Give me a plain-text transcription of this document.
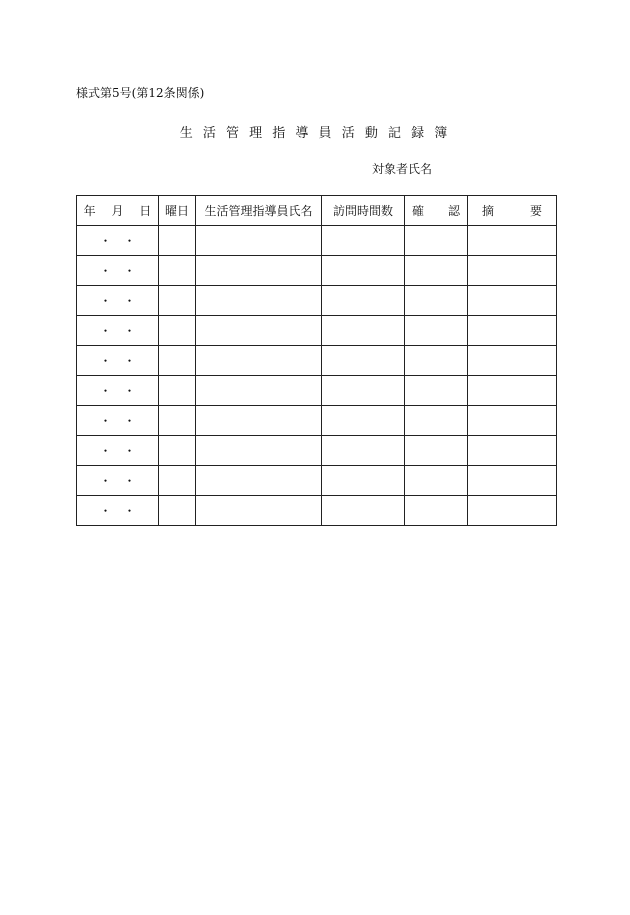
様式第5号(第12条関係)
生 活 管 理 指 導 員 活 動 記 録 簿
対象者氏名
年　 月　 日	曜日	生活管理指導員氏名	訪問時間数	確　　認	摘　　　要
・　・					
・　・					
・　・					
・　・					
・　・					
・　・					
・　・					
・　・					
・　・					
・　・					
